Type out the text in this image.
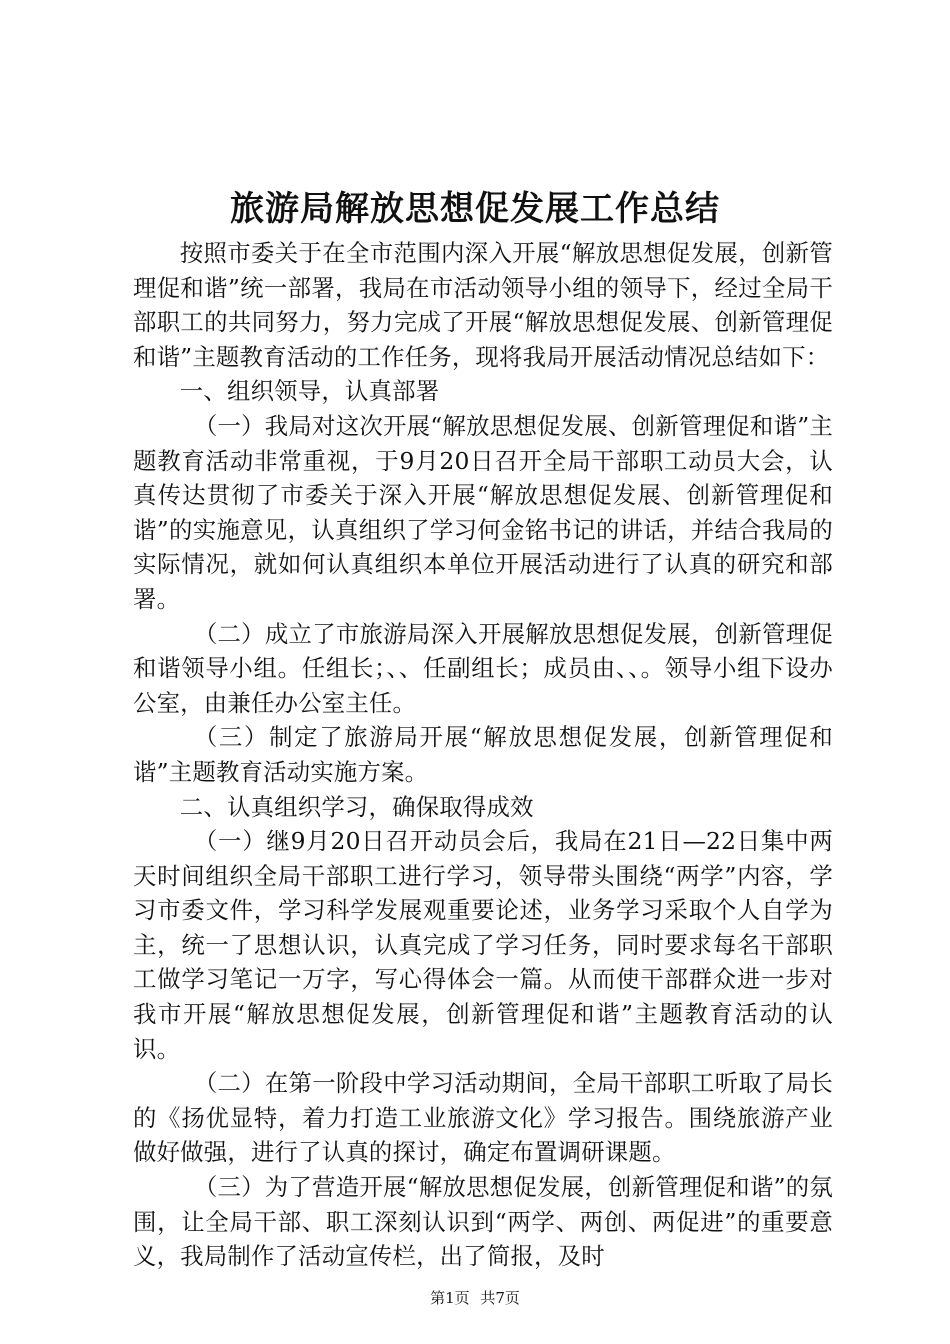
旅游局解放思想促发展工作总结

按照市委关于在全市范围内深入开展“解放思想促发展，创新管理促和谐”统一部署，我局在市活动领导小组的领导下，经过全局干部职工的共同努力，努力完成了开展“解放思想促发展、创新管理促和谐”主题教育活动的工作任务，现将我局开展活动情况总结如下：

一、组织领导，认真部署

（一）我局对这次开展“解放思想促发展、创新管理促和谐”主题教育活动非常重视，于9月20日召开全局干部职工动员大会，认真传达贯彻了市委关于深入开展“解放思想促发展、创新管理促和谐”的实施意见，认真组织了学习何金铭书记的讲话，并结合我局的实际情况，就如何认真组织本单位开展活动进行了认真的研究和部署。

（二）成立了市旅游局深入开展解放思想促发展，创新管理促和谐领导小组。任组长；、、任副组长；成员由、、。领导小组下设办公室，由兼任办公室主任。

（三）制定了旅游局开展“解放思想促发展，创新管理促和谐”主题教育活动实施方案。

二、认真组织学习，确保取得成效

（一）继9月20日召开动员会后，我局在21日—22日集中两天时间组织全局干部职工进行学习，领导带头围绕“两学”内容，学习市委文件，学习科学发展观重要论述，业务学习采取个人自学为主，统一了思想认识，认真完成了学习任务，同时要求每名干部职工做学习笔记一万字，写心得体会一篇。从而使干部群众进一步对我市开展“解放思想促发展，创新管理促和谐”主题教育活动的认识。

（二）在第一阶段中学习活动期间，全局干部职工听取了局长的《扬优显特，着力打造工业旅游文化》学习报告。围绕旅游产业做好做强，进行了认真的探讨，确定布置调研课题。

（三）为了营造开展“解放思想促发展，创新管理促和谐”的氛围，让全局干部、职工深刻认识到“两学、两创、两促进”的重要意义，我局制作了活动宣传栏，出了简报，及时

第1页 共7页
